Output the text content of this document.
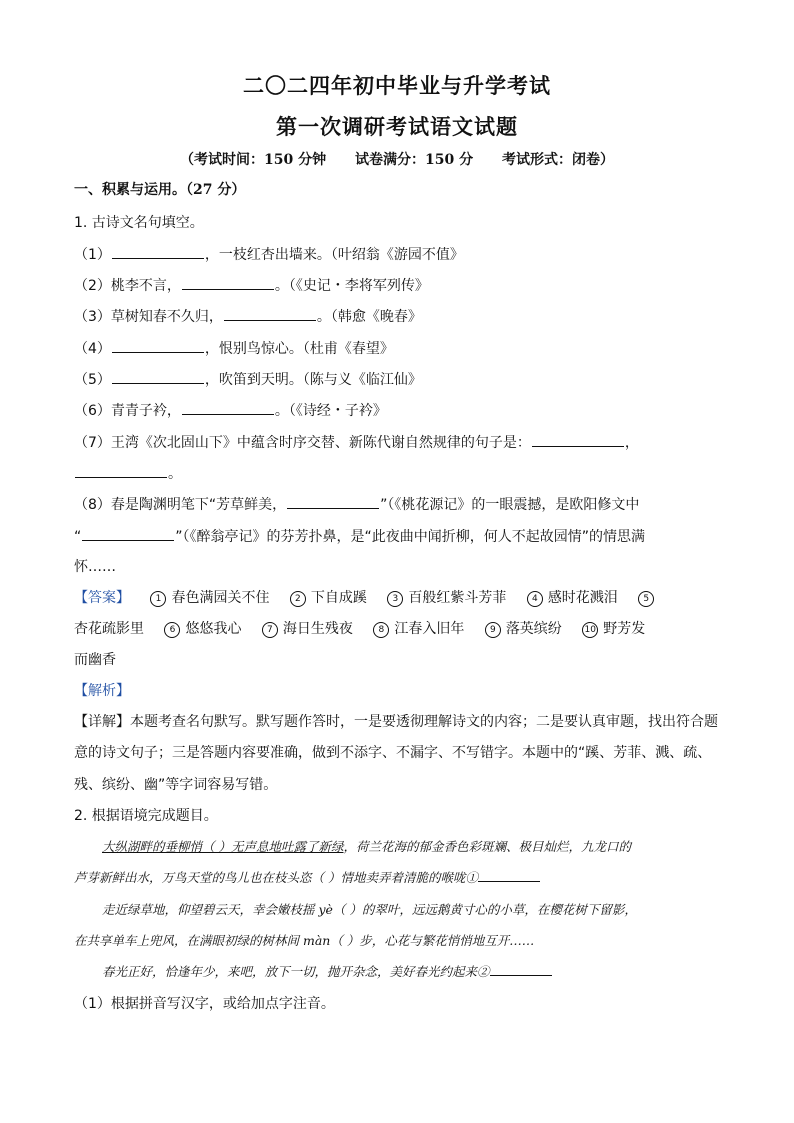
二〇二四年初中毕业与升学考试
第一次调研考试语文试题
（考试时间：150 分钟 试卷满分：150 分 考试形式：闭卷）
一、积累与运用。（27 分）
1. 古诗文名句填空。
（1）	，一枝红杏出墙来。（叶绍翁《游园不值》
（2）桃李不言，	。（《史记・李将军列传》
（3）草树知春不久归，	。（韩愈《晚春》
（4）	，恨别鸟惊心。（杜甫《春望》
（5）	，吹笛到天明。（陈与义《临江仙》
（6）青青子衿，	。（《诗经・子衿》
（7）王湾《次北固山下》中蕴含时序交替、新陈代谢自然规律的句子是：	，
。
（8）春是陶渊明笔下“芳草鲜美，	”（《桃花源记》的一眼震撼，是欧阳修文中
“	”（《醉翁亭记》的芬芳扑鼻，是“此夜曲中闻折柳，何人不起故园情”的情思满
怀……
【答案】	1 春色满园关不住	2 下自成蹊	3 百般红紫斗芳菲	4 感时花溅泪	5
杏花疏影里	6 悠悠我心	7 海日生残夜	8 江春入旧年	9 落英缤纷	10 野芳发
而幽香
【解析】
【详解】本题考查名句默写。默写题作答时，一是要透彻理解诗文的内容；二是要认真审题，找出符合题
意的诗文句子；三是答题内容要准确，做到不添字、不漏字、不写错字。本题中的“蹊、芳菲、溅、疏、
残、缤纷、幽”等字词容易写错。
2. 根据语境完成题目。
大纵湖畔的垂柳悄（ ）无声息地吐露了新绿，荷兰花海的郁金香色彩斑斓、极目灿烂，九龙口的
芦芽新鲜出水，万鸟天堂的鸟儿也在枝头恣（ ）情地卖弄着清脆的喉咙①
走近绿草地，仰望碧云天，幸会嫩枝摇 yè（ ）的翠叶，远远鹅黄寸心的小草，在樱花树下留影，
在共享单车上兜风，在满眼初绿的树林间 màn（ ）步，心花与繁花悄悄地互开……
春光正好，恰逢年少，来吧，放下一切，抛开杂念，美好春光约起来②
（1）根据拼音写汉字，或给加点字注音。
